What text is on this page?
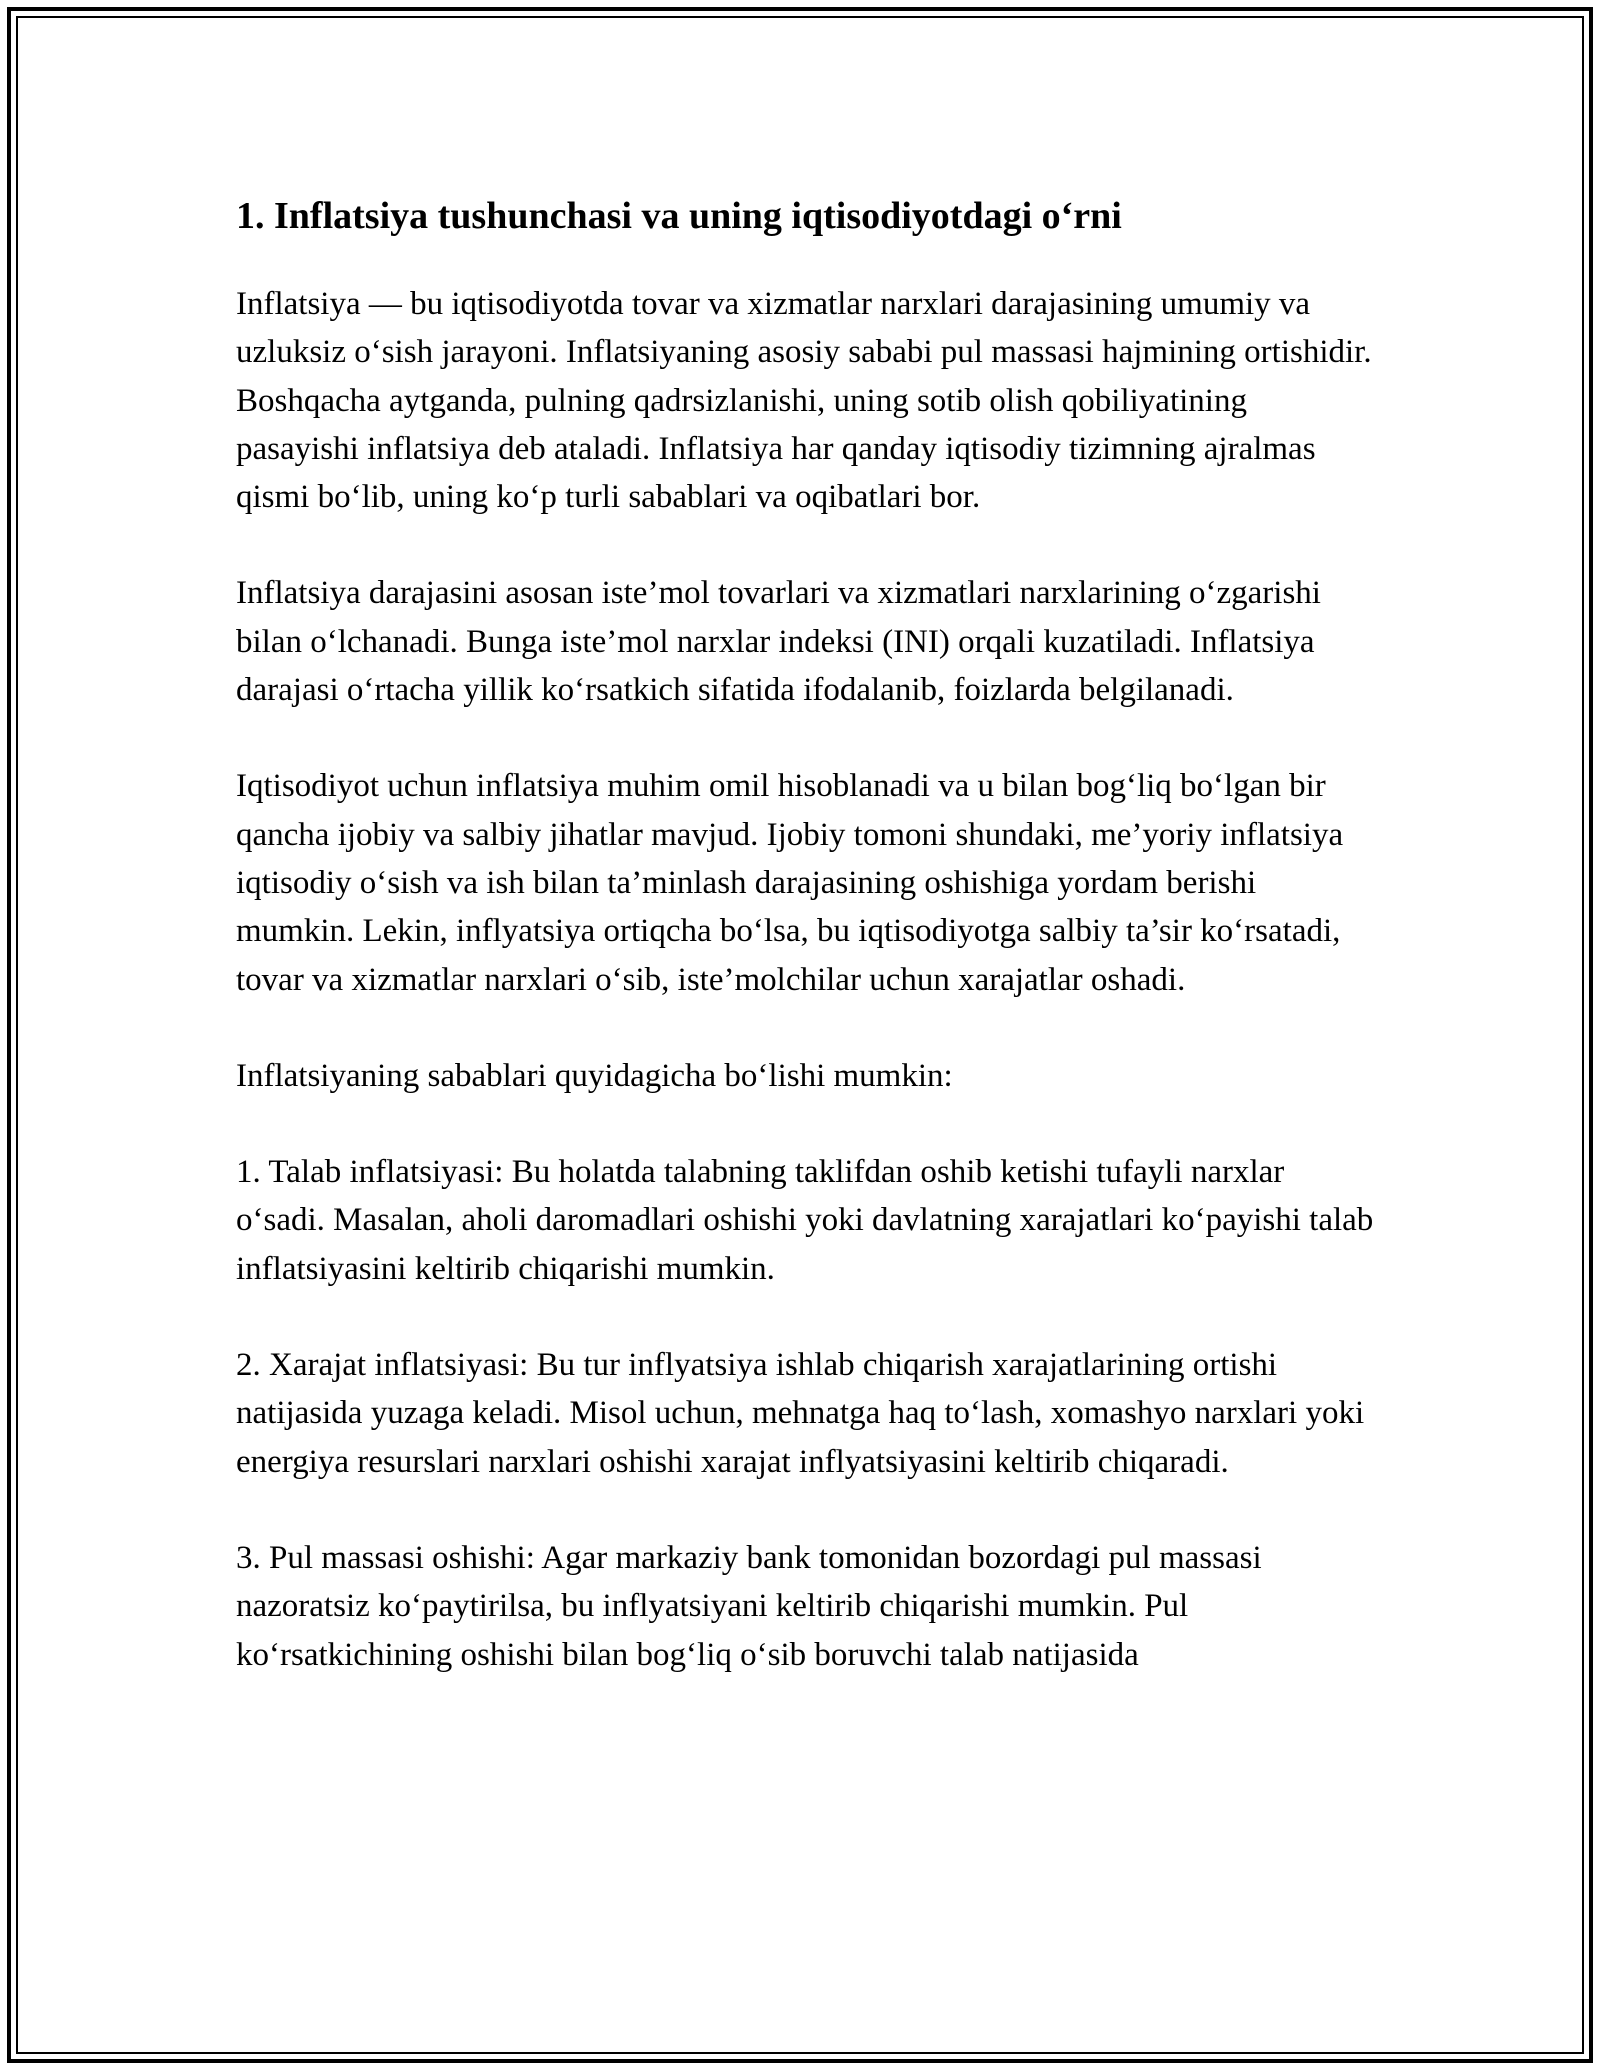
1. Inflatsiya tushunchasi va uning iqtisodiyotdagi o‘rni

Inflatsiya — bu iqtisodiyotda tovar va xizmatlar narxlari darajasining umumiy va uzluksiz o‘sish jarayoni. Inflatsiyaning asosiy sababi pul massasi hajmining ortishidir. Boshqacha aytganda, pulning qadrsizlanishi, uning sotib olish qobiliyatining pasayishi inflatsiya deb ataladi. Inflatsiya har qanday iqtisodiy tizimning ajralmas qismi bo‘lib, uning ko‘p turli sabablari va oqibatlari bor.

Inflatsiya darajasini asosan iste’mol tovarlari va xizmatlari narxlarining o‘zgarishi bilan o‘lchanadi. Bunga iste’mol narxlar indeksi (INI) orqali kuzatiladi. Inflatsiya darajasi o‘rtacha yillik ko‘rsatkich sifatida ifodalanib, foizlarda belgilanadi.

Iqtisodiyot uchun inflatsiya muhim omil hisoblanadi va u bilan bog‘liq bo‘lgan bir qancha ijobiy va salbiy jihatlar mavjud. Ijobiy tomoni shundaki, me’yoriy inflatsiya iqtisodiy o‘sish va ish bilan ta’minlash darajasining oshishiga yordam berishi mumkin. Lekin, inflyatsiya ortiqcha bo‘lsa, bu iqtisodiyotga salbiy ta’sir ko‘rsatadi, tovar va xizmatlar narxlari o‘sib, iste’molchilar uchun xarajatlar oshadi.

Inflatsiyaning sabablari quyidagicha bo‘lishi mumkin:

1. Talab inflatsiyasi: Bu holatda talabning taklifdan oshib ketishi tufayli narxlar o‘sadi. Masalan, aholi daromadlari oshishi yoki davlatning xarajatlari ko‘payishi talab inflatsiyasini keltirib chiqarishi mumkin.

2. Xarajat inflatsiyasi: Bu tur inflyatsiya ishlab chiqarish xarajatlarining ortishi natijasida yuzaga keladi. Misol uchun, mehnatga haq to‘lash, xomashyo narxlari yoki energiya resurslari narxlari oshishi xarajat inflyatsiyasini keltirib chiqaradi.

3. Pul massasi oshishi: Agar markaziy bank tomonidan bozordagi pul massasi nazoratsiz ko‘paytirilsa, bu inflyatsiyani keltirib chiqarishi mumkin. Pul ko‘rsatkichining oshishi bilan bog‘liq o‘sib boruvchi talab natijasida
